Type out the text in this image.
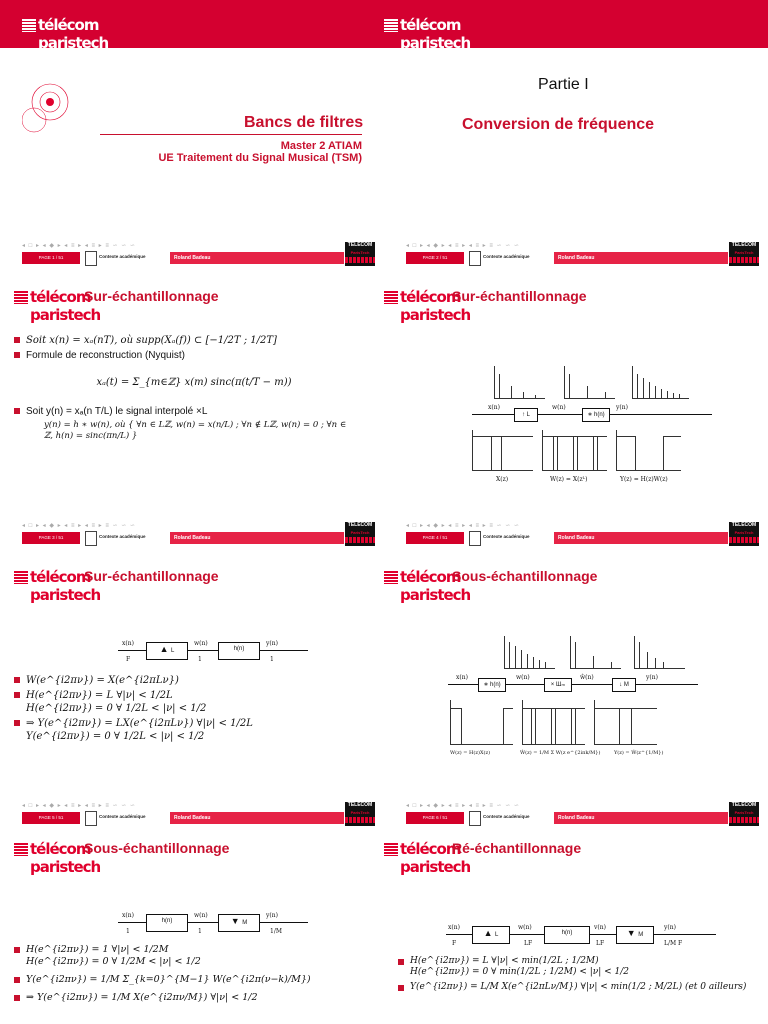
télécom paristech
Bancs de filtres
Master 2 ATIAM
UE Traitement du Signal Musical (TSM)
◂ □ ▸ ◂ ◆ ▸ ◂ ≡ ▸ ◂ ≡ ▸ ≡ ∽ ∽ ∽
PAGE 1 / 51	Contexte académique	Roland Badeau
TELECOM
ParisTech
télécom paristech
Partie I
Conversion de fréquence
◂ □ ▸ ◂ ◆ ▸ ◂ ≡ ▸ ◂ ≡ ▸ ≡ ∽ ∽ ∽
PAGE 2 / 51	Contexte académique	Roland Badeau
TELECOM
ParisTech
télécom paristech
Sur-échantillonnage
Soit x(n) = xₐ(nT), où supp(Xₐ(f)) ⊂ [−1/2T ; 1/2T]
Formule de reconstruction (Nyquist)
xₐ(t) = Σ_{m∈ℤ} x(m) sinc(π(t/T − m))
Soit y(n) = xₐ(n T/L) le signal interpolé ×L
y(n) = h ∗ w(n), où { ∀n ∈ Lℤ, w(n) = x(n/L) ; ∀n ∉ Lℤ, w(n) = 0 ; ∀n ∈ ℤ, h(n) = sinc(πn/L) }
◂ □ ▸ ◂ ◆ ▸ ◂ ≡ ▸ ◂ ≡ ▸ ≡ ∽ ∽ ∽
PAGE 3 / 51	Contexte académique	Roland Badeau
TELECOM
ParisTech
télécom paristech
Sur-échantillonnage
x(n)
↑ L
w(n)
∗ h(n)
y(n)
X(z)	W(z) = X(zᴸ)	Y(z) = H(z)W(z)
◂ □ ▸ ◂ ◆ ▸ ◂ ≡ ▸ ◂ ≡ ▸ ≡ ∽ ∽ ∽
PAGE 4 / 51	Contexte académique	Roland Badeau
TELECOM
ParisTech
télécom paristech
Sur-échantillonnage
x(n)
▲ L
w(n)
h(n)
y(n)
F	1	1
W(e^{i2πν}) = X(e^{i2πLν})
H(e^{i2πν}) = L ∀|ν| < 1/2L
H(e^{i2πν}) = 0 ∀ 1/2L < |ν| < 1/2
⇒ Y(e^{i2πν}) = LX(e^{i2πLν}) ∀|ν| < 1/2L
Y(e^{i2πν}) = 0 ∀ 1/2L < |ν| < 1/2
◂ □ ▸ ◂ ◆ ▸ ◂ ≡ ▸ ◂ ≡ ▸ ≡ ∽ ∽ ∽
PAGE 5 / 51	Contexte académique	Roland Badeau
TELECOM
ParisTech
télécom paristech
Sous-échantillonnage
x(n)
∗ h(n)
w(n)
× Шₘ
ŵ(n)
↓ M
y(n)
W(z) = H(z)X(z)	Ŵ(z) = 1/M Σ W(z e^{2iπk/M})	Y(z) = Ŵ(z^{1/M})
◂ □ ▸ ◂ ◆ ▸ ◂ ≡ ▸ ◂ ≡ ▸ ≡ ∽ ∽ ∽
PAGE 6 / 51	Contexte académique	Roland Badeau
TELECOM
ParisTech
télécom paristech
Sous-échantillonnage
x(n)
h(n)
w(n)
▼ M
y(n)
1	1	1/M
H(e^{i2πν}) = 1 ∀|ν| < 1/2M
H(e^{i2πν}) = 0 ∀ 1/2M < |ν| < 1/2
Y(e^{i2πν}) = 1/M Σ_{k=0}^{M−1} W(e^{i2π(ν−k)/M})
⇒ Y(e^{i2πν}) = 1/M X(e^{i2πν/M}) ∀|ν| < 1/2
télécom paristech
Ré-échantillonnage
x(n)
▲ L
w(n)
h(n)
v(n)
▼ M
y(n)
F	LF	LF	L/M F
H(e^{i2πν}) = L ∀|ν| < min(1/2L ; 1/2M)
H(e^{i2πν}) = 0 ∀ min(1/2L ; 1/2M) < |ν| < 1/2
Y(e^{i2πν}) = L/M X(e^{i2πLν/M}) ∀|ν| < min(1/2 ; M/2L) (et 0 ailleurs)
